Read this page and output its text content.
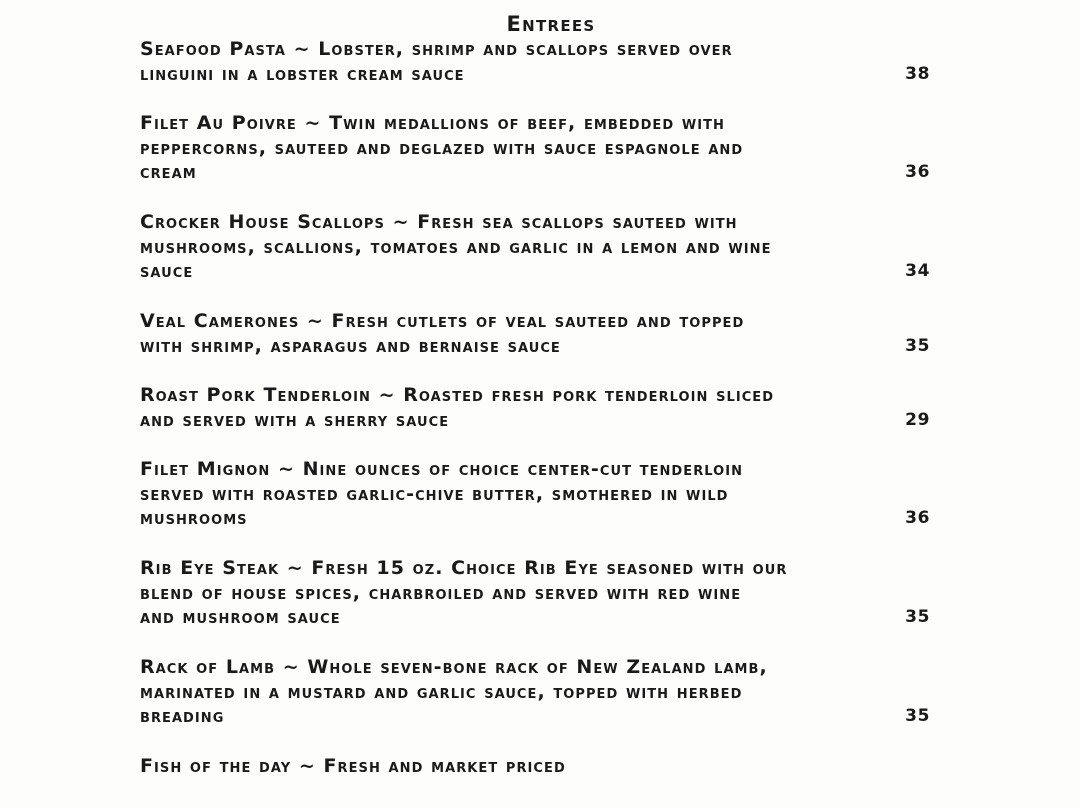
Entrees
Seafood Pasta ~ Lobster, shrimp and scallops served over
linguini in a lobster cream sauce	38
Filet Au Poivre ~ Twin medallions of beef, embedded with
peppercorns, sauteed and deglazed with sauce espagnole and
cream	36
Crocker House Scallops ~ Fresh sea scallops sauteed with
mushrooms, scallions, tomatoes and garlic in a lemon and wine
sauce	34
Veal Camerones ~ Fresh cutlets of veal sauteed and topped
with shrimp, asparagus and bernaise sauce	35
Roast Pork Tenderloin ~ Roasted fresh pork tenderloin sliced
and served with a sherry sauce	29
Filet Mignon ~ Nine ounces of choice center-cut tenderloin
served with roasted garlic-chive butter, smothered in wild
mushrooms	36
Rib Eye Steak ~ Fresh 15 oz. Choice Rib Eye seasoned with our
blend of house spices, charbroiled and served with red wine
and mushroom sauce	35
Rack of Lamb ~ Whole seven-bone rack of New Zealand lamb,
marinated in a mustard and garlic sauce, topped with herbed
breading	35
Fish of the day ~ Fresh and market priced
